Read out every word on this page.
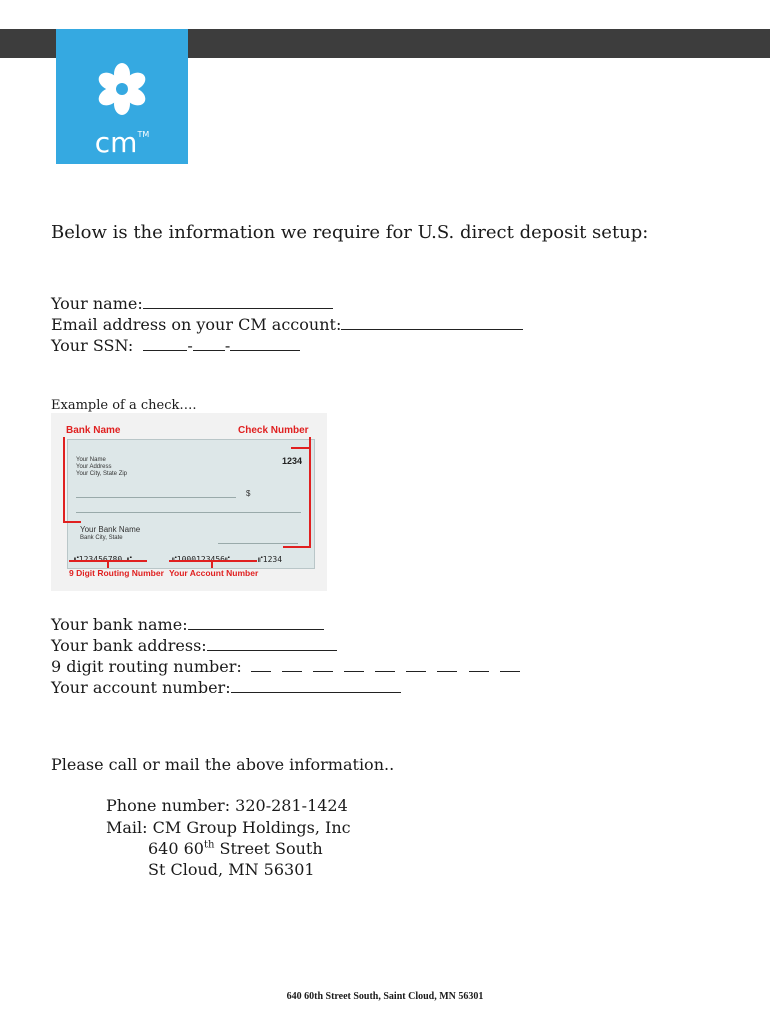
cm™
Below is the information we require for U.S. direct deposit setup:
Your name:
Email address on your CM account:
Your SSN:	- -
Example of a check….
Bank Name	Check Number
Your Name
Your Address
Your City, State Zip
1234
$
Your Bank Name
Bank City, State
⑈1234
9 Digit Routing Number Your Account Number
Your bank name:
Your bank address:
9 digit routing number:
Your account number:
Please call or mail the above information..
Phone number: 320-281-1424
Mail: CM Group Holdings, Inc
640 60th Street South
St Cloud, MN 56301
640 60th Street South, Saint Cloud, MN 56301
